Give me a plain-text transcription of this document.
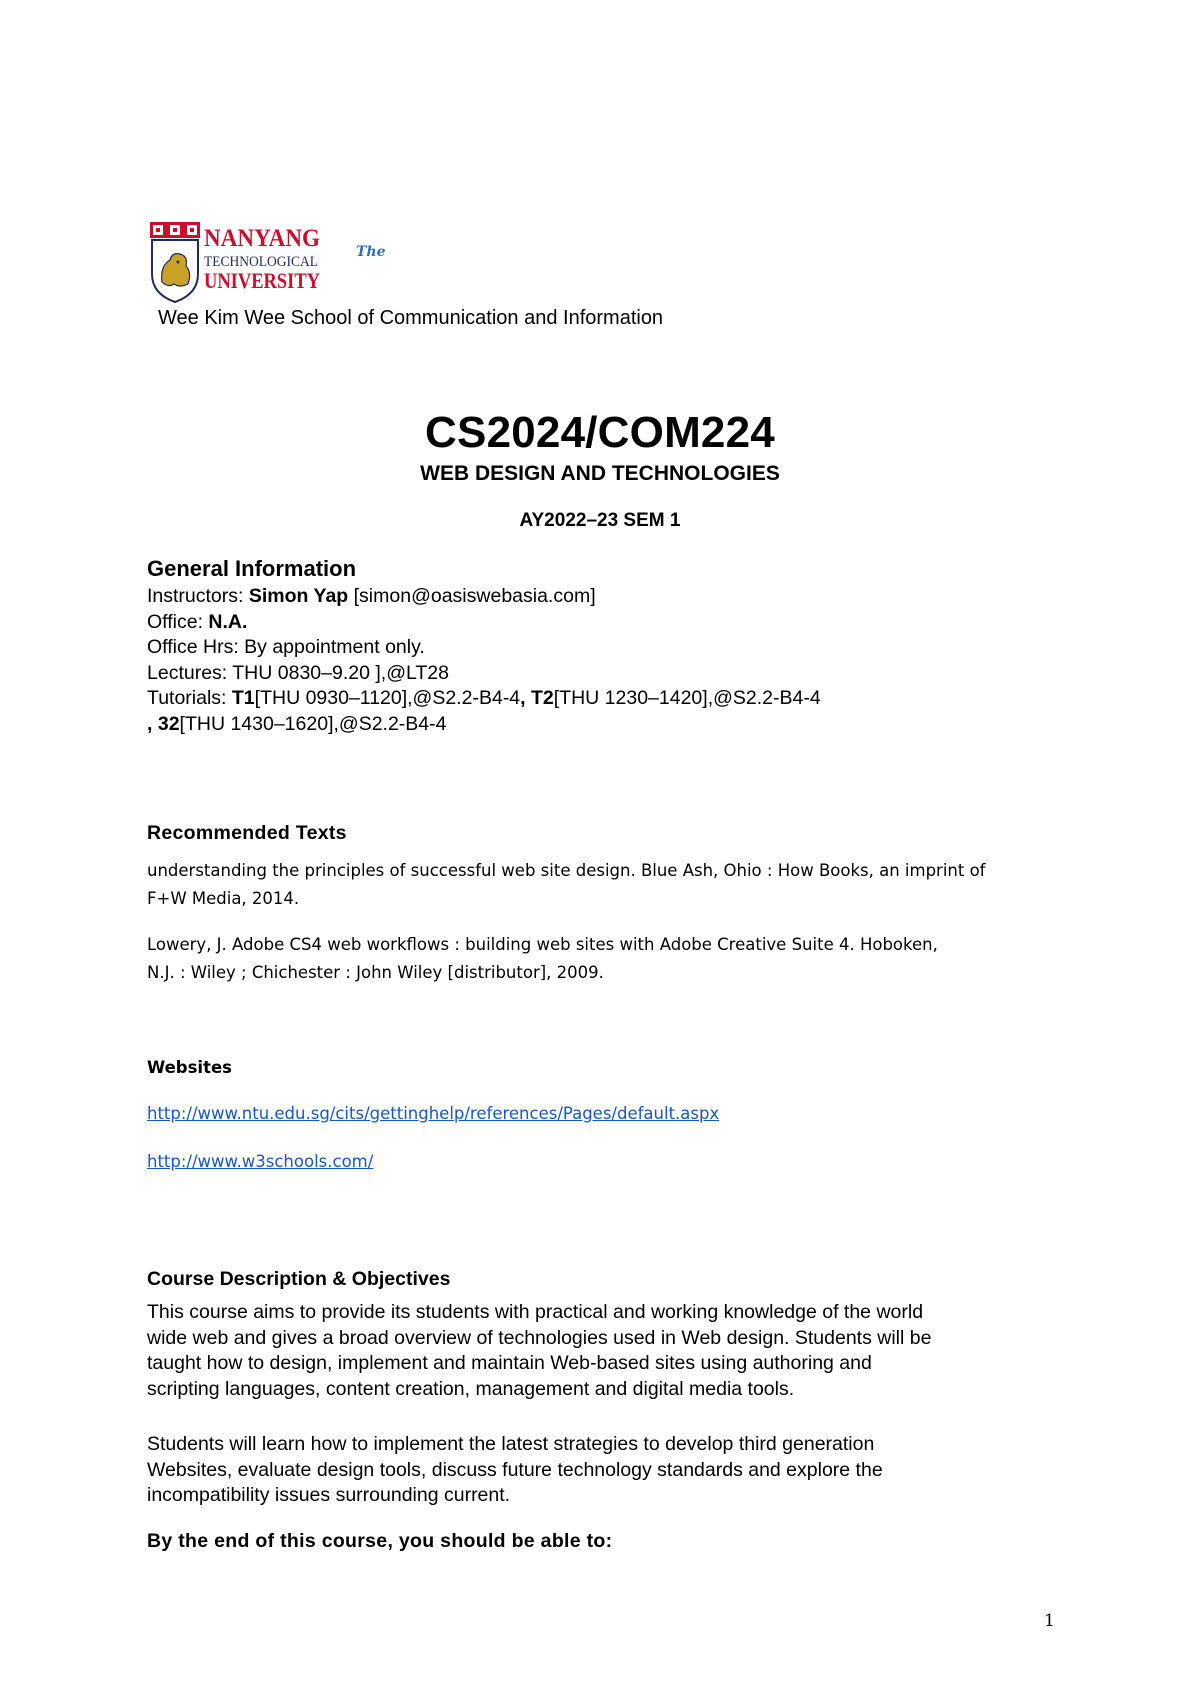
NANYANG
TECHNOLOGICAL
UNIVERSITY
The
Wee Kim Wee School of Communication and Information
CS2024/COM224
WEB DESIGN AND TECHNOLOGIES
AY2022–23 SEM 1
General Information
Instructors: Simon Yap [simon@oasiswebasia.com]
Office: N.A.
Office Hrs: By appointment only.
Lectures: THU 0830–9.20 ],@LT28
Tutorials: T1[THU 0930–1120],@S2.2-B4-4, T2[THU 1230–1420],@S2.2-B4-4
, 32[THU 1430–1620],@S2.2-B4-4
Recommended Texts
understanding the principles of successful web site design. Blue Ash, Ohio : How Books, an imprint of
F+W Media, 2014.
Lowery, J. Adobe CS4 web workflows : building web sites with Adobe Creative Suite 4. Hoboken,
N.J. : Wiley ; Chichester : John Wiley [distributor], 2009.
Websites
http://www.ntu.edu.sg/cits/gettinghelp/references/Pages/default.aspx
http://www.w3schools.com/
Course Description & Objectives
This course aims to provide its students with practical and working knowledge of the world
wide web and gives a broad overview of technologies used in Web design. Students will be
taught how to design, implement and maintain Web-based sites using authoring and
scripting languages, content creation, management and digital media tools.
Students will learn how to implement the latest strategies to develop third generation
Websites, evaluate design tools, discuss future technology standards and explore the
incompatibility issues surrounding current.
By the end of this course, you should be able to:
1
